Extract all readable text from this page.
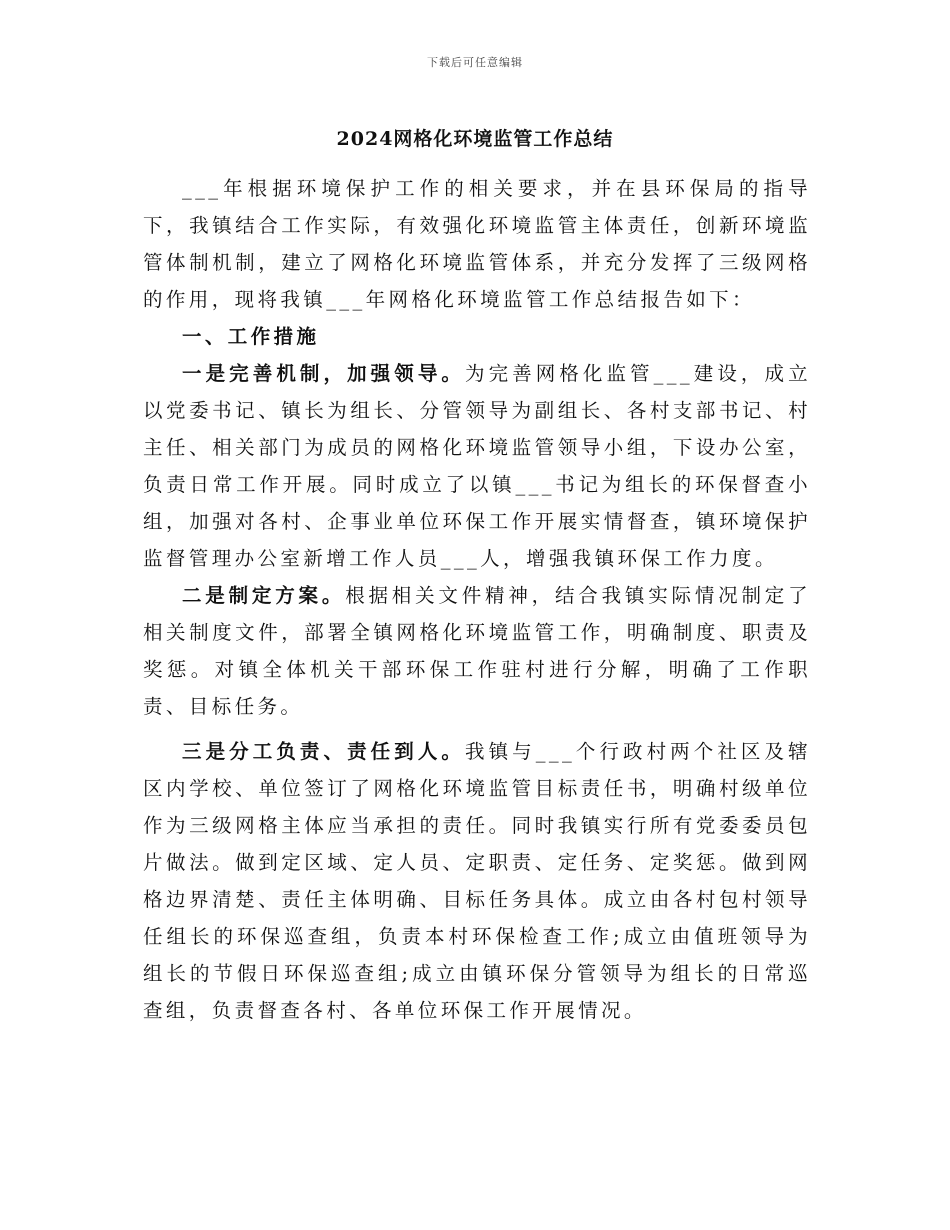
下载后可任意编辑
2024网格化环境监管工作总结

___年根据环境保护工作的相关要求，并在县环保局的指导下，我镇结合工作实际，有效强化环境监管主体责任，创新环境监管体制机制，建立了网格化环境监管体系，并充分发挥了三级网格的作用，现将我镇___年网格化环境监管工作总结报告如下：

一、工作措施

一是完善机制，加强领导。为完善网格化监管___建设，成立以党委书记、镇长为组长、分管领导为副组长、各村支部书记、村主任、相关部门为成员的网格化环境监管领导小组，下设办公室，负责日常工作开展。同时成立了以镇___书记为组长的环保督查小组，加强对各村、企事业单位环保工作开展实情督查，镇环境保护监督管理办公室新增工作人员___人，增强我镇环保工作力度。

二是制定方案。根据相关文件精神，结合我镇实际情况制定了相关制度文件，部署全镇网格化环境监管工作，明确制度、职责及奖惩。对镇全体机关干部环保工作驻村进行分解，明确了工作职责、目标任务。

三是分工负责、责任到人。我镇与___个行政村两个社区及辖区内学校、单位签订了网格化环境监管目标责任书，明确村级单位作为三级网格主体应当承担的责任。同时我镇实行所有党委委员包片做法。做到定区域、定人员、定职责、定任务、定奖惩。做到网格边界清楚、责任主体明确、目标任务具体。成立由各村包村领导任组长的环保巡查组，负责本村环保检查工作;成立由值班领导为组长的节假日环保巡查组;成立由镇环保分管领导为组长的日常巡查组，负责督查各村、各单位环保工作开展情况。
